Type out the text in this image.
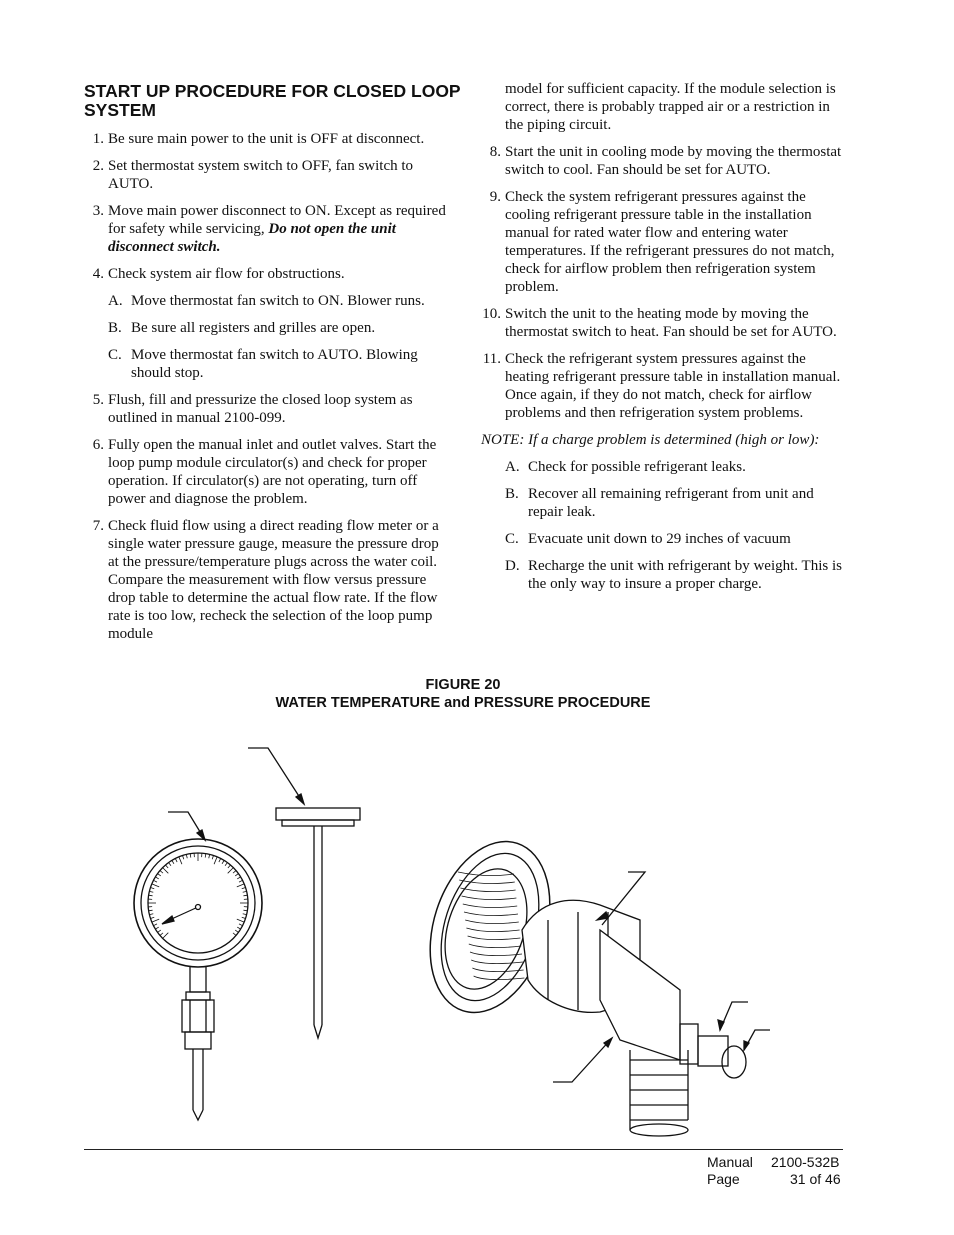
START UP PROCEDURE FOR CLOSED LOOP SYSTEM
1. Be sure main power to the unit is OFF at disconnect.
2. Set thermostat system switch to OFF, fan switch to AUTO.
3. Move main power disconnect to ON. Except as required for safety while servicing, Do not open the unit disconnect switch.
4. Check system air flow for obstructions.
A. Move thermostat fan switch to ON. Blower runs.
B. Be sure all registers and grilles are open.
C. Move thermostat fan switch to AUTO. Blowing should stop.
5. Flush, fill and pressurize the closed loop system as outlined in manual 2100-099.
6. Fully open the manual inlet and outlet valves. Start the loop pump module circulator(s) and check for proper operation. If circulator(s) are not operating, turn off power and diagnose the problem.
7. Check fluid flow using a direct reading flow meter or a single water pressure gauge, measure the pressure drop at the pressure/temperature plugs across the water coil. Compare the measurement with flow versus pressure drop table to determine the actual flow rate. If the flow rate is too low, recheck the selection of the loop pump module
model for sufficient capacity. If the module selection is correct, there is probably trapped air or a restriction in the piping circuit.
8. Start the unit in cooling mode by moving the thermostat switch to cool. Fan should be set for AUTO.
9. Check the system refrigerant pressures against the cooling refrigerant pressure table in the installation manual for rated water flow and entering water temperatures. If the refrigerant pressures do not match, check for airflow problem then refrigeration system problem.
10. Switch the unit to the heating mode by moving the thermostat switch to heat. Fan should be set for AUTO.
11. Check the refrigerant system pressures against the heating refrigerant pressure table in installation manual. Once again, if they do not match, check for airflow problems and then refrigeration system problems.
NOTE: If a charge problem is determined (high or low):
A. Check for possible refrigerant leaks.
B. Recover all remaining refrigerant from unit and repair leak.
C. Evacuate unit down to 29 inches of vacuum
D. Recharge the unit with refrigerant by weight. This is the only way to insure a proper charge.
FIGURE 20
WATER TEMPERATURE and PRESSURE PROCEDURE
Manual 2100-532B
Page	31 of 46
